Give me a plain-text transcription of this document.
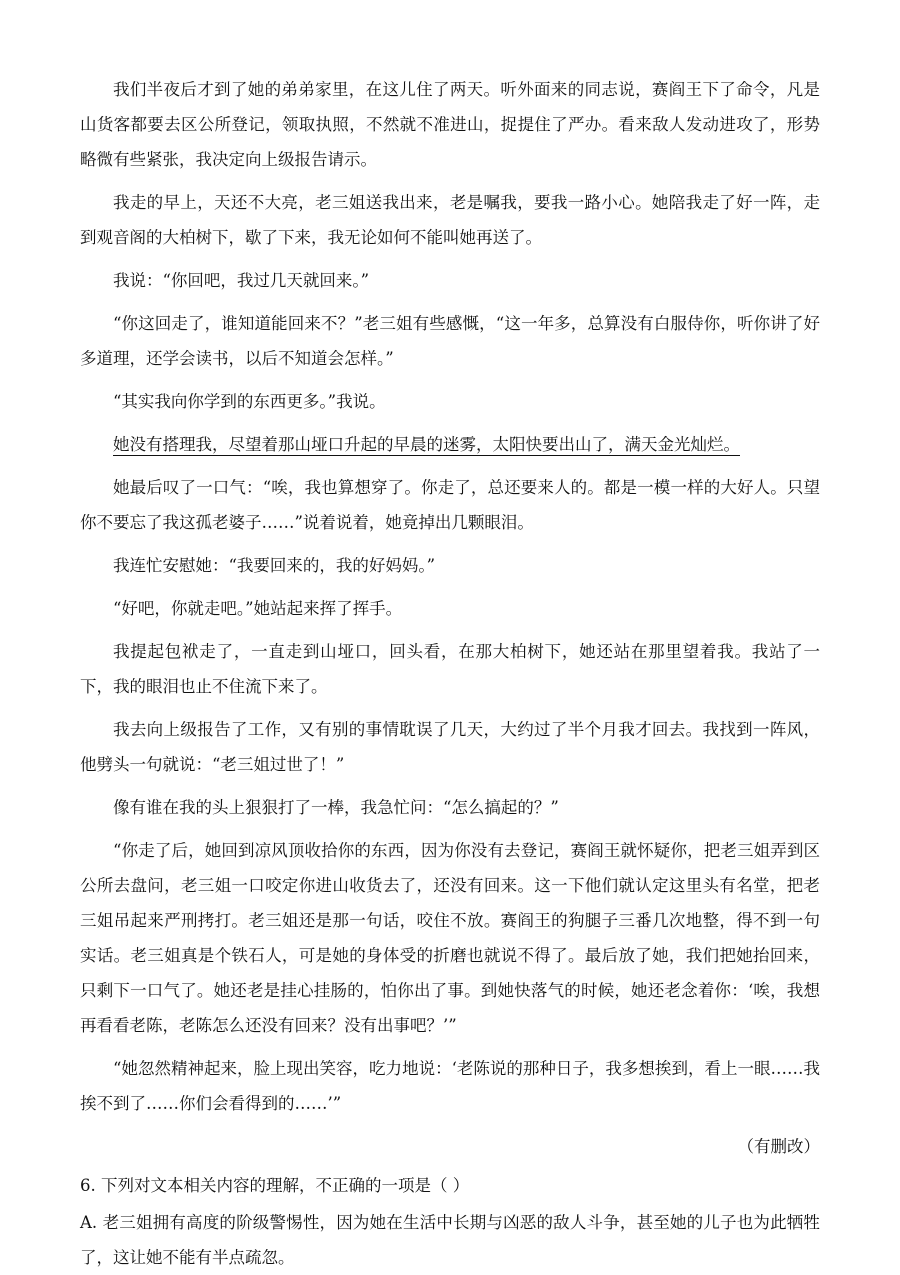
我们半夜后才到了她的弟弟家里，在这儿住了两天。听外面来的同志说，赛阎王下了命令，凡是山货客都要去区公所登记，领取执照，不然就不准进山，捉提住了严办。看来敌人发动进攻了，形势略微有些紧张，我决定向上级报告请示。

我走的早上，天还不大亮，老三姐送我出来，老是嘱我，要我一路小心。她陪我走了好一阵，走到观音阁的大柏树下，歇了下来，我无论如何不能叫她再送了。

我说：“你回吧，我过几天就回来。”

“你这回走了，谁知道能回来不？”老三姐有些感慨，“这一年多，总算没有白服侍你，听你讲了好多道理，还学会读书，以后不知道会怎样。”

“其实我向你学到的东西更多。”我说。

她没有搭理我，尽望着那山垭口升起的早晨的迷雾，太阳快要出山了，满天金光灿烂。

她最后叹了一口气：“唉，我也算想穿了。你走了，总还要来人的。都是一模一样的大好人。只望你不要忘了我这孤老婆子……”说着说着，她竟掉出几颗眼泪。

我连忙安慰她：“我要回来的，我的好妈妈。”

“好吧，你就走吧。”她站起来挥了挥手。

我提起包袱走了，一直走到山垭口，回头看，在那大柏树下，她还站在那里望着我。我站了一下，我的眼泪也止不住流下来了。

我去向上级报告了工作，又有别的事情耽误了几天，大约过了半个月我才回去。我找到一阵风，他劈头一句就说：“老三姐过世了！”

像有谁在我的头上狠狠打了一棒，我急忙问：“怎么搞起的？”

“你走了后，她回到凉风顶收拾你的东西，因为你没有去登记，赛阎王就怀疑你，把老三姐弄到区公所去盘问，老三姐一口咬定你进山收货去了，还没有回来。这一下他们就认定这里头有名堂，把老三姐吊起来严刑拷打。老三姐还是那一句话，咬住不放。赛阎王的狗腿子三番几次地整，得不到一句实话。老三姐真是个铁石人，可是她的身体受的折磨也就说不得了。最后放了她，我们把她抬回来，只剩下一口气了。她还老是挂心挂肠的，怕你出了事。到她快落气的时候，她还老念着你：‘唉，我想再看看老陈，老陈怎么还没有回来？没有出事吧？’”

“她忽然精神起来，脸上现出笑容，吃力地说：‘老陈说的那种日子，我多想挨到，看上一眼……我挨不到了……你们会看得到的……’”

（有删改）

6. 下列对文本相关内容的理解，不正确的一项是（ ）

A. 老三姐拥有高度的阶级警惕性，因为她在生活中长期与凶恶的敌人斗争，甚至她的儿子也为此牺牲了，这让她不能有半点疏忽。
